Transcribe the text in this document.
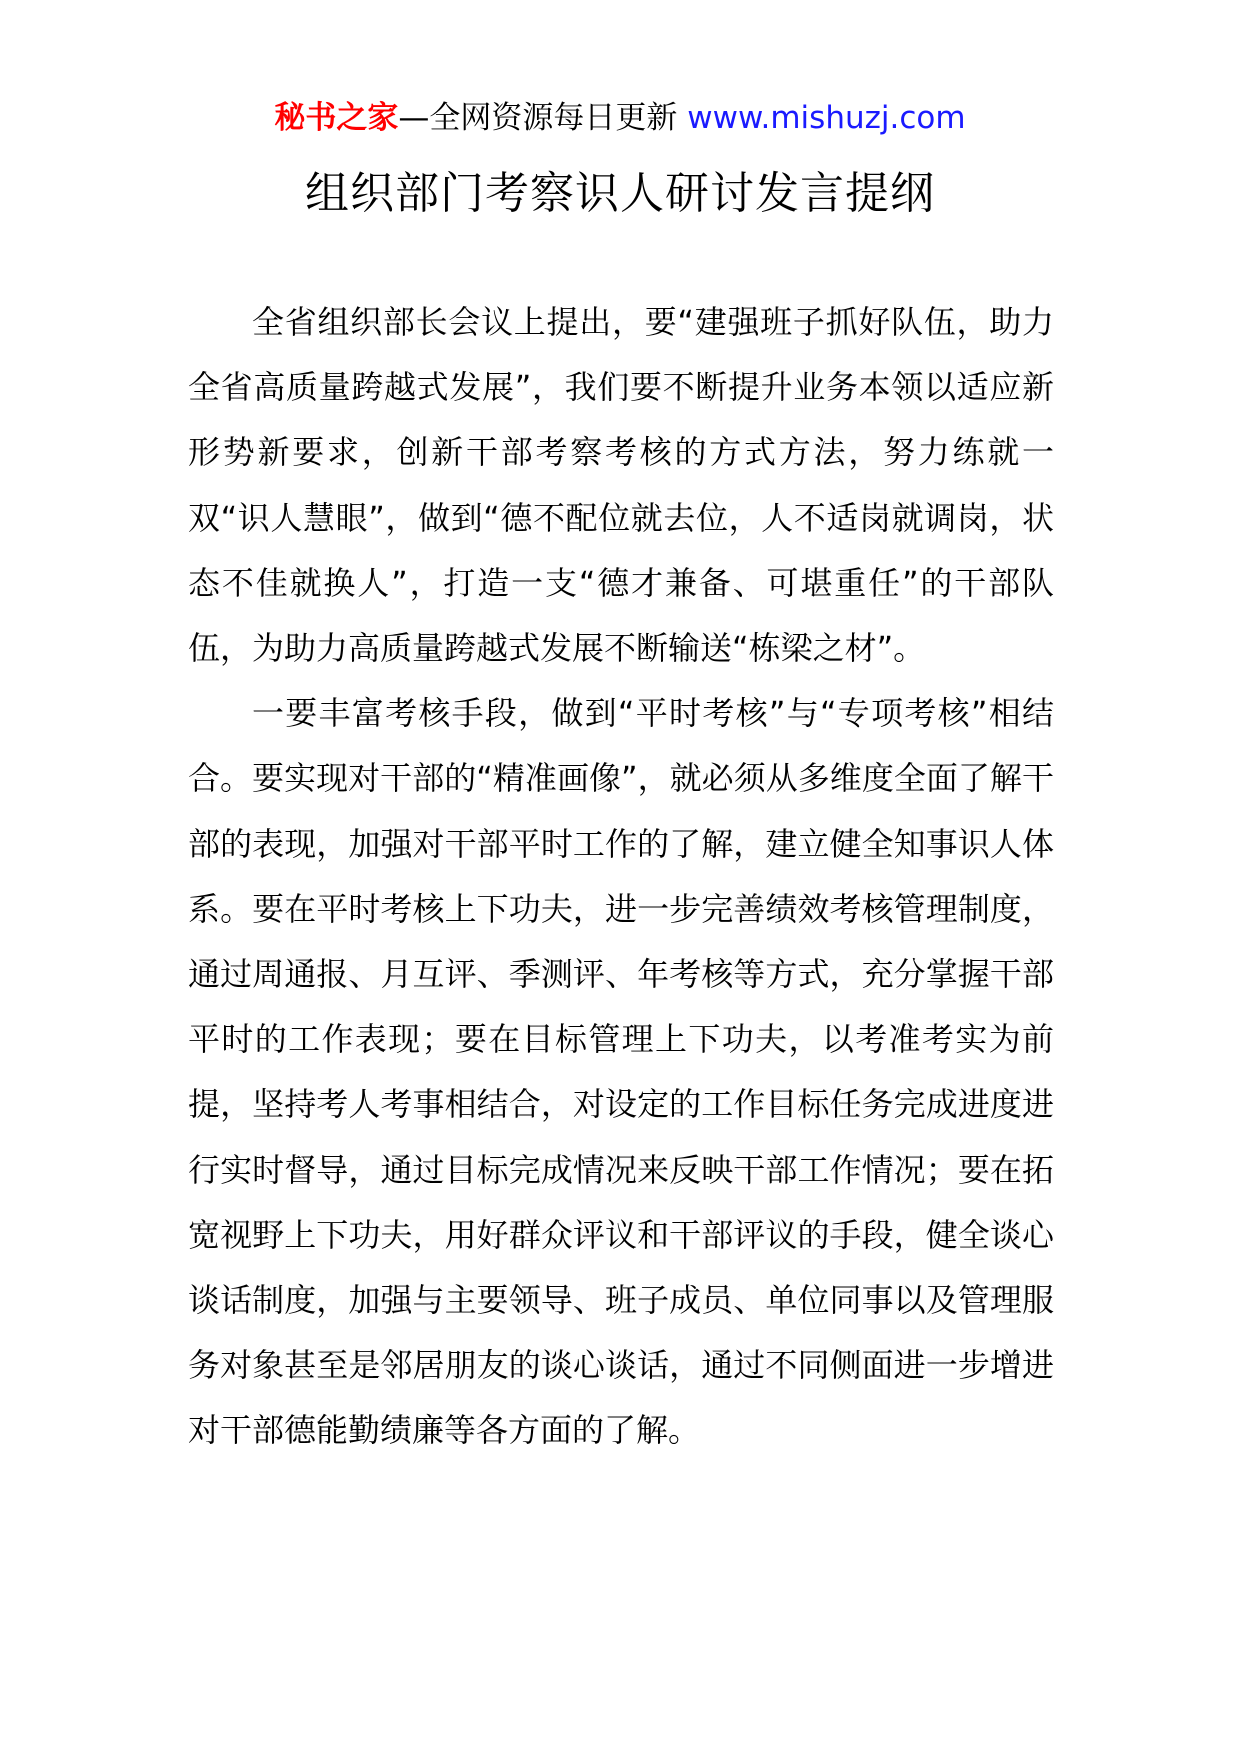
秘书之家—全网资源每日更新 www.mishuzj.com
组织部门考察识人研讨发言提纲

全省组织部长会议上提出，要“建强班子抓好队伍，助力全省高质量跨越式发展”，我们要不断提升业务本领以适应新形势新要求，创新干部考察考核的方式方法，努力练就一双“识人慧眼”，做到“德不配位就去位，人不适岗就调岗，状态不佳就换人”，打造一支“德才兼备、可堪重任”的干部队伍，为助力高质量跨越式发展不断输送“栋梁之材”。

一要丰富考核手段，做到“平时考核”与“专项考核”相结合。要实现对干部的“精准画像”，就必须从多维度全面了解干部的表现，加强对干部平时工作的了解，建立健全知事识人体系。要在平时考核上下功夫，进一步完善绩效考核管理制度，通过周通报、月互评、季测评、年考核等方式，充分掌握干部平时的工作表现；要在目标管理上下功夫，以考准考实为前提，坚持考人考事相结合，对设定的工作目标任务完成进度进行实时督导，通过目标完成情况来反映干部工作情况；要在拓宽视野上下功夫，用好群众评议和干部评议的手段，健全谈心谈话制度，加强与主要领导、班子成员、单位同事以及管理服务对象甚至是邻居朋友的谈心谈话，通过不同侧面进一步增进对干部德能勤绩廉等各方面的了解。
